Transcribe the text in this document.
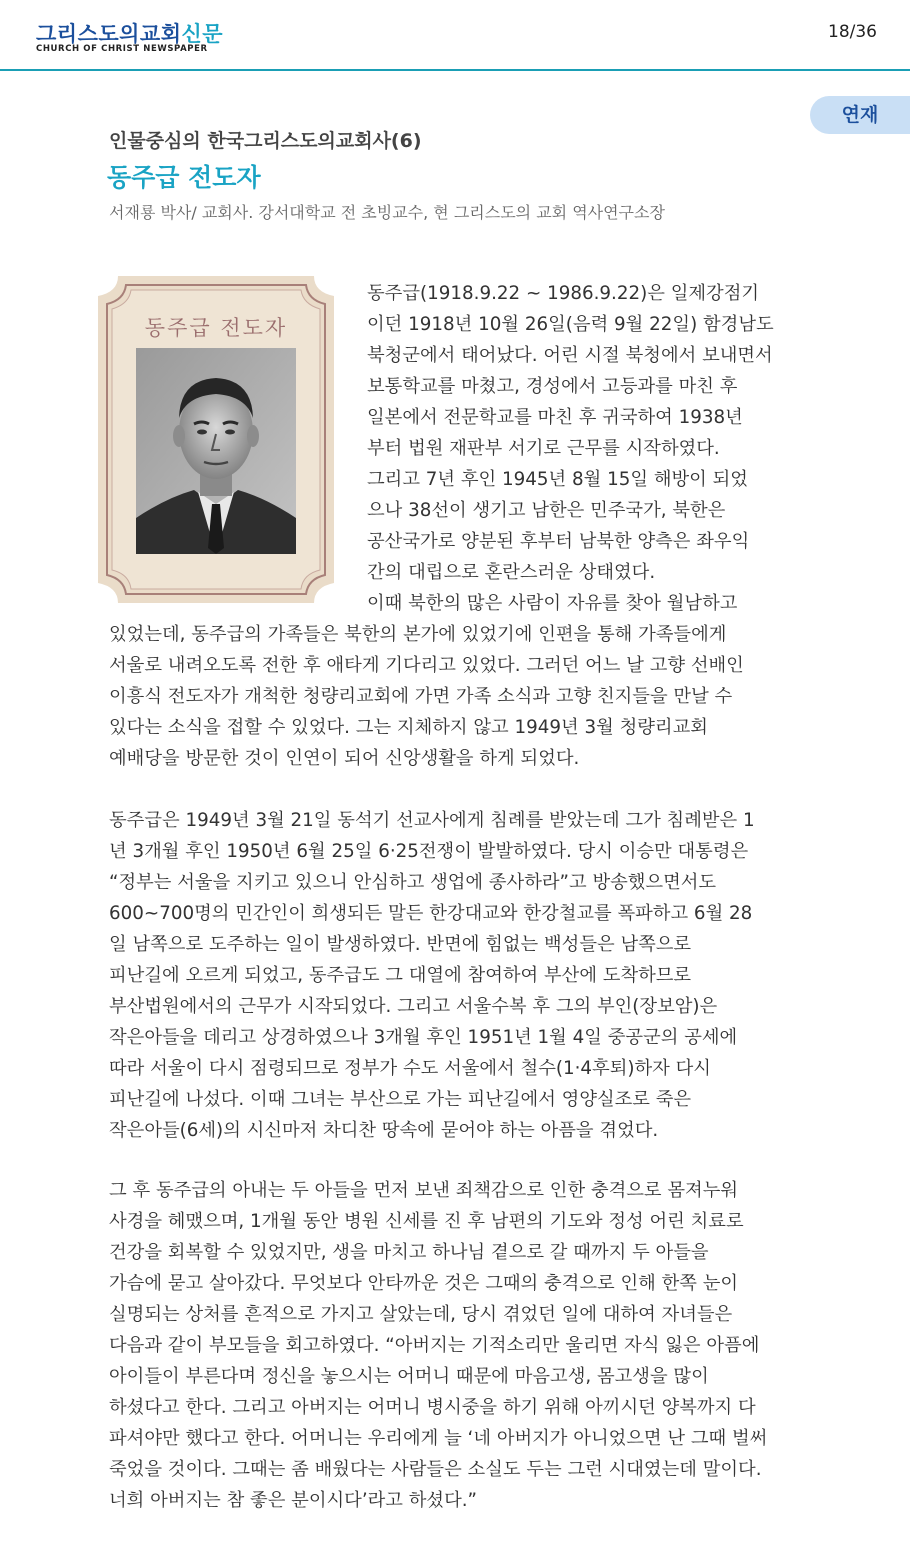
그리스도의교회신문
CHURCH OF CHRIST NEWSPAPER
18/36
연재
인물중심의 한국그리스도의교회사(6)
동주급 전도자
서재룡 박사/ 교회사. 강서대학교 전 초빙교수, 현 그리스도의 교회 역사연구소장
동주급 전도자
동주급(1918.9.22 ~ 1986.9.22)은 일제강점기
이던 1918년 10월 26일(음력 9월 22일) 함경남도
북청군에서 태어났다. 어린 시절 북청에서 보내면서
보통학교를 마쳤고, 경성에서 고등과를 마친 후
일본에서 전문학교를 마친 후 귀국하여 1938년
부터 법원 재판부 서기로 근무를 시작하였다.
그리고 7년 후인 1945년 8월 15일 해방이 되었
으나 38선이 생기고 남한은 민주국가, 북한은
공산국가로 양분된 후부터 남북한 양측은 좌우익
간의 대립으로 혼란스러운 상태였다.
이때 북한의 많은 사람이 자유를 찾아 월남하고
있었는데, 동주급의 가족들은 북한의 본가에 있었기에 인편을 통해 가족들에게
서울로 내려오도록 전한 후 애타게 기다리고 있었다. 그러던 어느 날 고향 선배인
이흥식 전도자가 개척한 청량리교회에 가면 가족 소식과 고향 친지들을 만날 수
있다는 소식을 접할 수 있었다. 그는 지체하지 않고 1949년 3월 청량리교회
예배당을 방문한 것이 인연이 되어 신앙생활을 하게 되었다.
동주급은 1949년 3월 21일 동석기 선교사에게 침례를 받았는데 그가 침례받은 1
년 3개월 후인 1950년 6월 25일 6·25전쟁이 발발하였다. 당시 이승만 대통령은
“정부는 서울을 지키고 있으니 안심하고 생업에 종사하라”고 방송했으면서도
600~700명의 민간인이 희생되든 말든 한강대교와 한강철교를 폭파하고 6월 28
일 남쪽으로 도주하는 일이 발생하였다. 반면에 힘없는 백성들은 남쪽으로
피난길에 오르게 되었고, 동주급도 그 대열에 참여하여 부산에 도착하므로
부산법원에서의 근무가 시작되었다. 그리고 서울수복 후 그의 부인(장보암)은
작은아들을 데리고 상경하였으나 3개월 후인 1951년 1월 4일 중공군의 공세에
따라 서울이 다시 점령되므로 정부가 수도 서울에서 철수(1·4후퇴)하자 다시
피난길에 나섰다. 이때 그녀는 부산으로 가는 피난길에서 영양실조로 죽은
작은아들(6세)의 시신마저 차디찬 땅속에 묻어야 하는 아픔을 겪었다.
그 후 동주급의 아내는 두 아들을 먼저 보낸 죄책감으로 인한 충격으로 몸져누워
사경을 헤맸으며, 1개월 동안 병원 신세를 진 후 남편의 기도와 정성 어린 치료로
건강을 회복할 수 있었지만, 생을 마치고 하나님 곁으로 갈 때까지 두 아들을
가슴에 묻고 살아갔다. 무엇보다 안타까운 것은 그때의 충격으로 인해 한쪽 눈이
실명되는 상처를 흔적으로 가지고 살았는데, 당시 겪었던 일에 대하여 자녀들은
다음과 같이 부모들을 회고하였다. “아버지는 기적소리만 울리면 자식 잃은 아픔에
아이들이 부른다며 정신을 놓으시는 어머니 때문에 마음고생, 몸고생을 많이
하셨다고 한다. 그리고 아버지는 어머니 병시중을 하기 위해 아끼시던 양복까지 다
파셔야만 했다고 한다. 어머니는 우리에게 늘 ‘네 아버지가 아니었으면 난 그때 벌써
죽었을 것이다. 그때는 좀 배웠다는 사람들은 소실도 두는 그런 시대였는데 말이다.
너희 아버지는 참 좋은 분이시다’라고 하셨다.”
